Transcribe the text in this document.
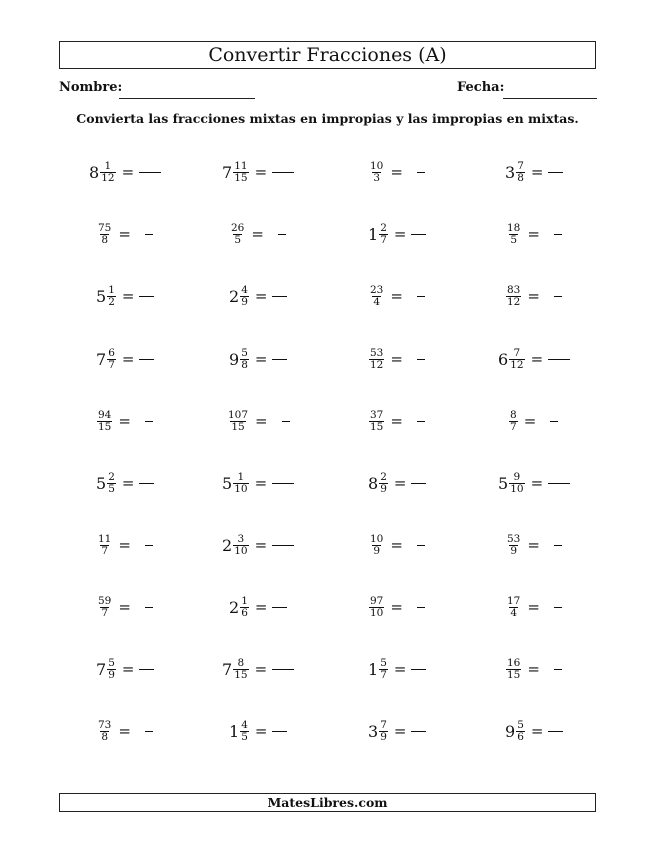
Convertir Fracciones (A)
Nombre:	Fecha:
Convierta las fracciones mixtas en impropias y las impropias en mixtas.
$8 \frac{1}{12}$ =	$7 \frac{11}{15}$ =	$\frac{10}{3}$ =	$3 \frac{7}{8}$ =
$\frac{75}{8}$ =	$\frac{26}{5}$ =	$1 \frac{2}{7}$ =	$\frac{18}{5}$ =
$5 \frac{1}{2}$ =	$2 \frac{4}{9}$ =	$\frac{23}{4}$ =	$\frac{83}{12}$ =
$7 \frac{6}{7}$ =	$9 \frac{5}{8}$ =	$\frac{53}{12}$ =	$6 \frac{7}{12}$ =
$\frac{94}{15}$ =	$\frac{107}{15}$ =	$\frac{37}{15}$ =	$\frac{8}{7}$ =
$5 \frac{2}{5}$ =	$5 \frac{1}{10}$ =	$8 \frac{2}{9}$ =	$5 \frac{9}{10}$ =
$\frac{11}{7}$ =	$2 \frac{3}{10}$ =	$\frac{10}{9}$ =	$\frac{53}{9}$ =
$\frac{59}{7}$ =	$2 \frac{1}{6}$ =	$\frac{97}{10}$ =	$\frac{17}{4}$ =
$7 \frac{5}{9}$ =	$7 \frac{8}{15}$ =	$1 \frac{5}{7}$ =	$\frac{16}{15}$ =
$\frac{73}{8}$ =	$1 \frac{4}{5}$ =	$3 \frac{7}{9}$ =	$9 \frac{5}{6}$ =
MatesLibres.com
